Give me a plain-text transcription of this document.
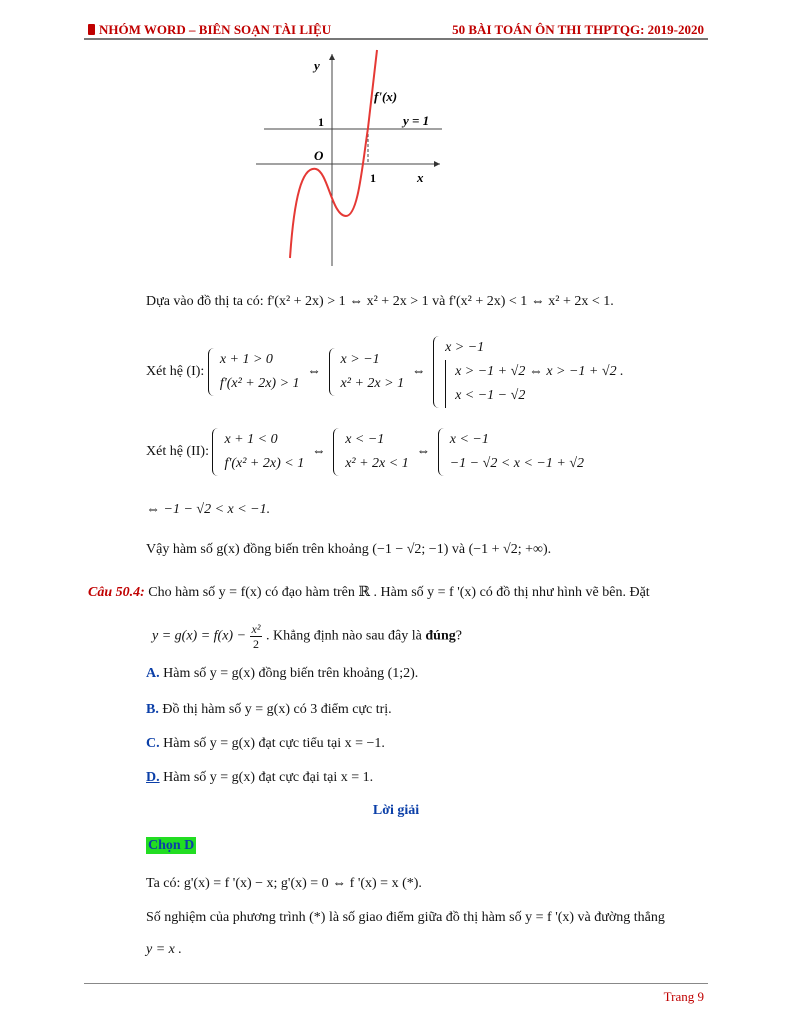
NHÓM WORD – BIÊN SOẠN TÀI LIỆU	50 BÀI TOÁN ÔN THI THPTQG: 2019-2020
y
x
O
1
1
f'(x)
y = 1
Dựa vào đồ thị ta có: f'(x² + 2x) > 1 ⇔ x² + 2x > 1 và f'(x² + 2x) < 1 ⇔ x² + 2x < 1.
Xét hệ (I):
x + 1 > 0
f'(x² + 2x) > 1 ⇔
x > −1
x² + 2x > 1 ⇔
x > −1

x > −1 + √2
x < −1 − √2 ⇔ x > −1 + √2 .
Xét hệ (II):
x + 1 < 0
f'(x² + 2x) < 1 ⇔
x < −1
x² + 2x < 1 ⇔
x < −1
−1 − √2 < x < −1 + √2
⇔ −1 − √2 < x < −1.
Vậy hàm số g(x) đồng biến trên khoảng (−1 − √2; −1) và (−1 + √2; +∞).
Câu 50.4: Cho hàm số y = f(x) có đạo hàm trên ℝ . Hàm số y = f '(x) có đồ thị như hình vẽ bên. Đặt
$y = g(x) = f(x) - \frac{\text{x²}}{2}$ . Khẳng định nào sau đây là đúng?
A. Hàm số y = g(x) đồng biến trên khoảng (1;2).
B. Đồ thị hàm số y = g(x) có 3 điểm cực trị.
C. Hàm số y = g(x) đạt cực tiểu tại x = −1.
D. Hàm số y = g(x) đạt cực đại tại x = 1.
Lời giải
Chọn D
Ta có: g'(x) = f '(x) − x; g'(x) = 0 ⇔ f '(x) = x (*).
Số nghiệm của phương trình (*) là số giao điểm giữa đồ thị hàm số y = f '(x) và đường thẳng
y = x .
Trang 9
